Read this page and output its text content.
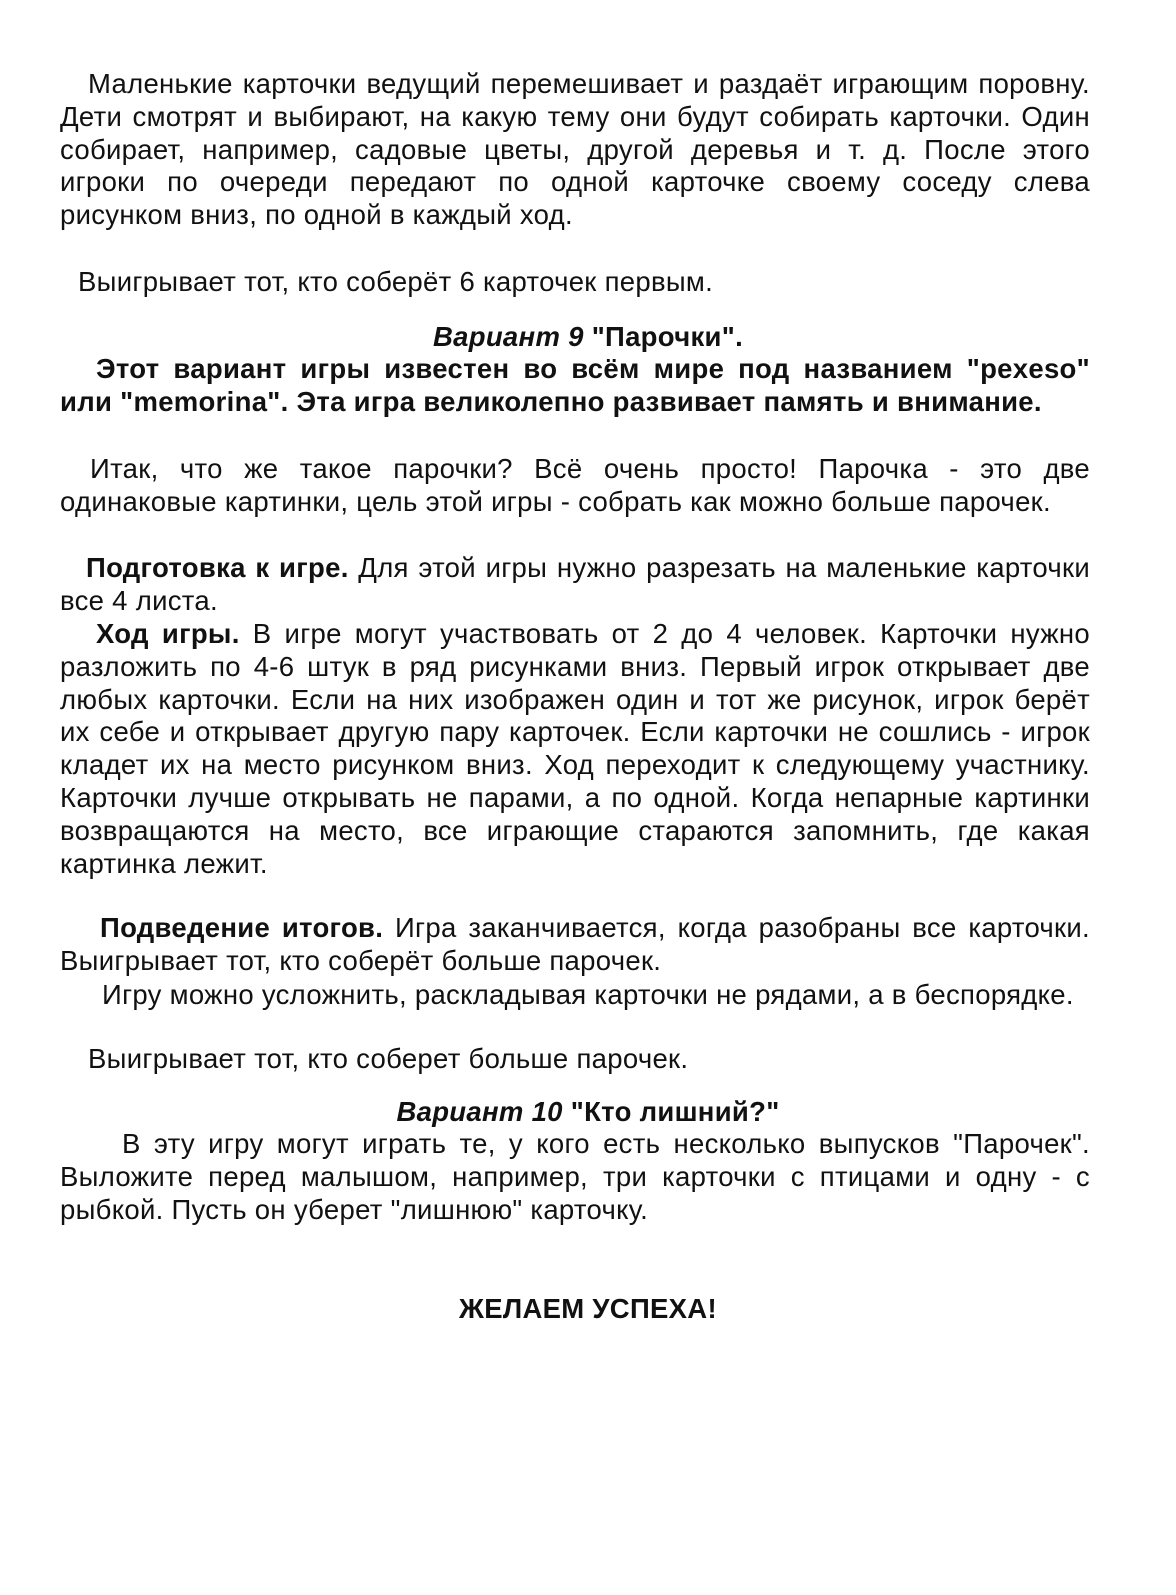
Маленькие карточки ведущий перемешивает и раздаёт играющим поровну. Дети смотрят и выбирают, на какую тему они будут собирать карточки. Один собирает, например, садовые цветы, другой деревья и т. д. После этого игроки по очереди передают по одной карточке своему соседу слева рисунком вниз, по одной в каждый ход.

Выигрывает тот, кто соберёт 6 карточек первым.

Вариант 9 "Парочки".

Этот вариант игры известен во всём мире под названием "pexeso" или "memorina". Эта игра великолепно развивает память и внимание.

Итак, что же такое парочки? Всё очень просто! Парочка - это две одинаковые картинки, цель этой игры - собрать как можно больше парочек.

Подготовка к игре. Для этой игры нужно разрезать на маленькие карточки все 4 листа.

Ход игры. В игре могут участвовать от 2 до 4 человек. Карточки нужно разложить по 4-6 штук в ряд рисунками вниз. Первый игрок открывает две любых карточки. Если на них изображен один и тот же рисунок, игрок берёт их себе и открывает другую пару карточек. Если карточки не сошлись - игрок кладет их на место рисунком вниз. Ход переходит к следующему участнику. Карточки лучше открывать не парами, а по одной. Когда непарные картинки возвращаются на место, все играющие стараются запомнить, где какая картинка лежит.

Подведение итогов. Игра заканчивается, когда разобраны все карточки. Выигрывает тот, кто соберёт больше парочек.

Игру можно усложнить, раскладывая карточки не рядами, а в беспорядке.

Выигрывает тот, кто соберет больше парочек.

Вариант 10 "Кто лишний?"

В эту игру могут играть те, у кого есть несколько выпусков "Парочек". Выложите перед малышом, например, три карточки с птицами и одну - с рыбкой. Пусть он уберет "лишнюю" карточку.

ЖЕЛАЕМ УСПЕХА!
